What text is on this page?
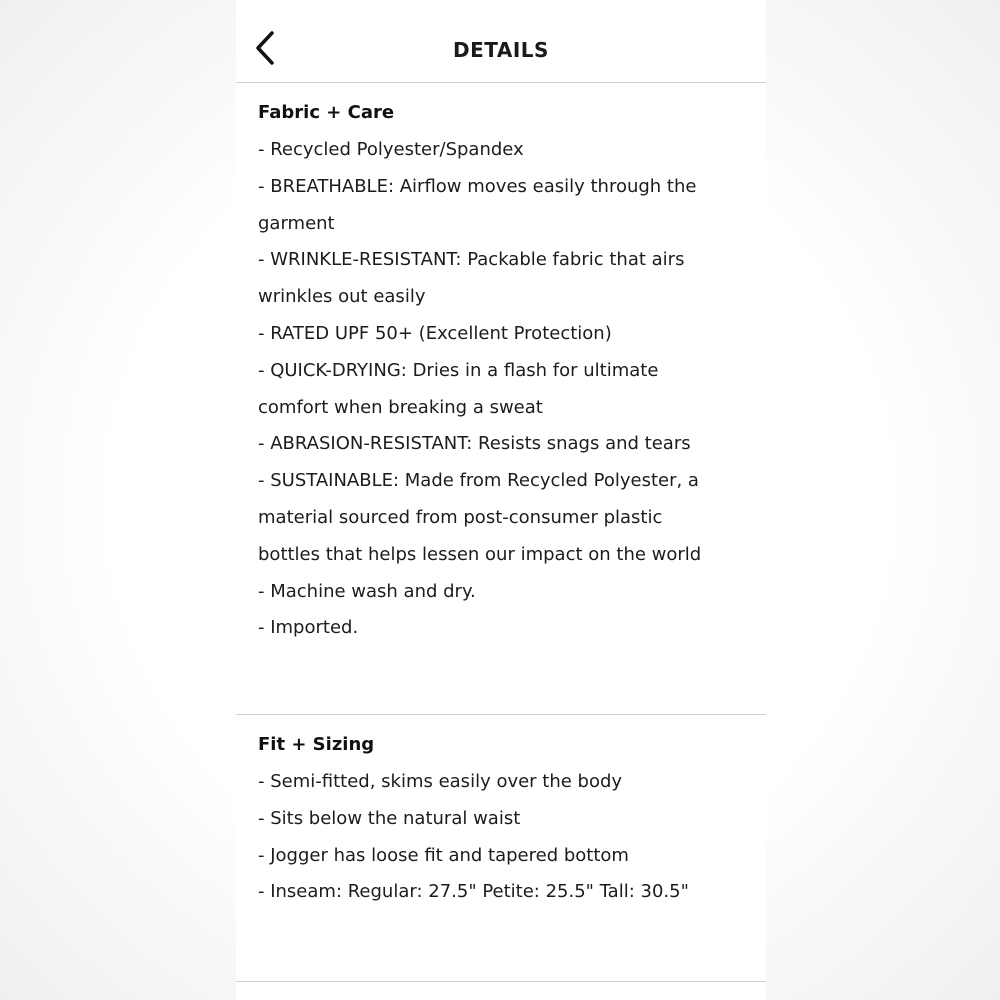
DETAILS
Fabric + Care
- Recycled Polyester/Spandex
- BREATHABLE: Airflow moves easily through the
garment
- WRINKLE-RESISTANT: Packable fabric that airs
wrinkles out easily
- RATED UPF 50+ (Excellent Protection)
- QUICK-DRYING: Dries in a flash for ultimate
comfort when breaking a sweat
- ABRASION-RESISTANT: Resists snags and tears
- SUSTAINABLE: Made from Recycled Polyester, a
material sourced from post-consumer plastic
bottles that helps lessen our impact on the world
- Machine wash and dry.
- Imported.
Fit + Sizing
- Semi-fitted, skims easily over the body
- Sits below the natural waist
- Jogger has loose fit and tapered bottom
- Inseam: Regular: 27.5" Petite: 25.5" Tall: 30.5"
